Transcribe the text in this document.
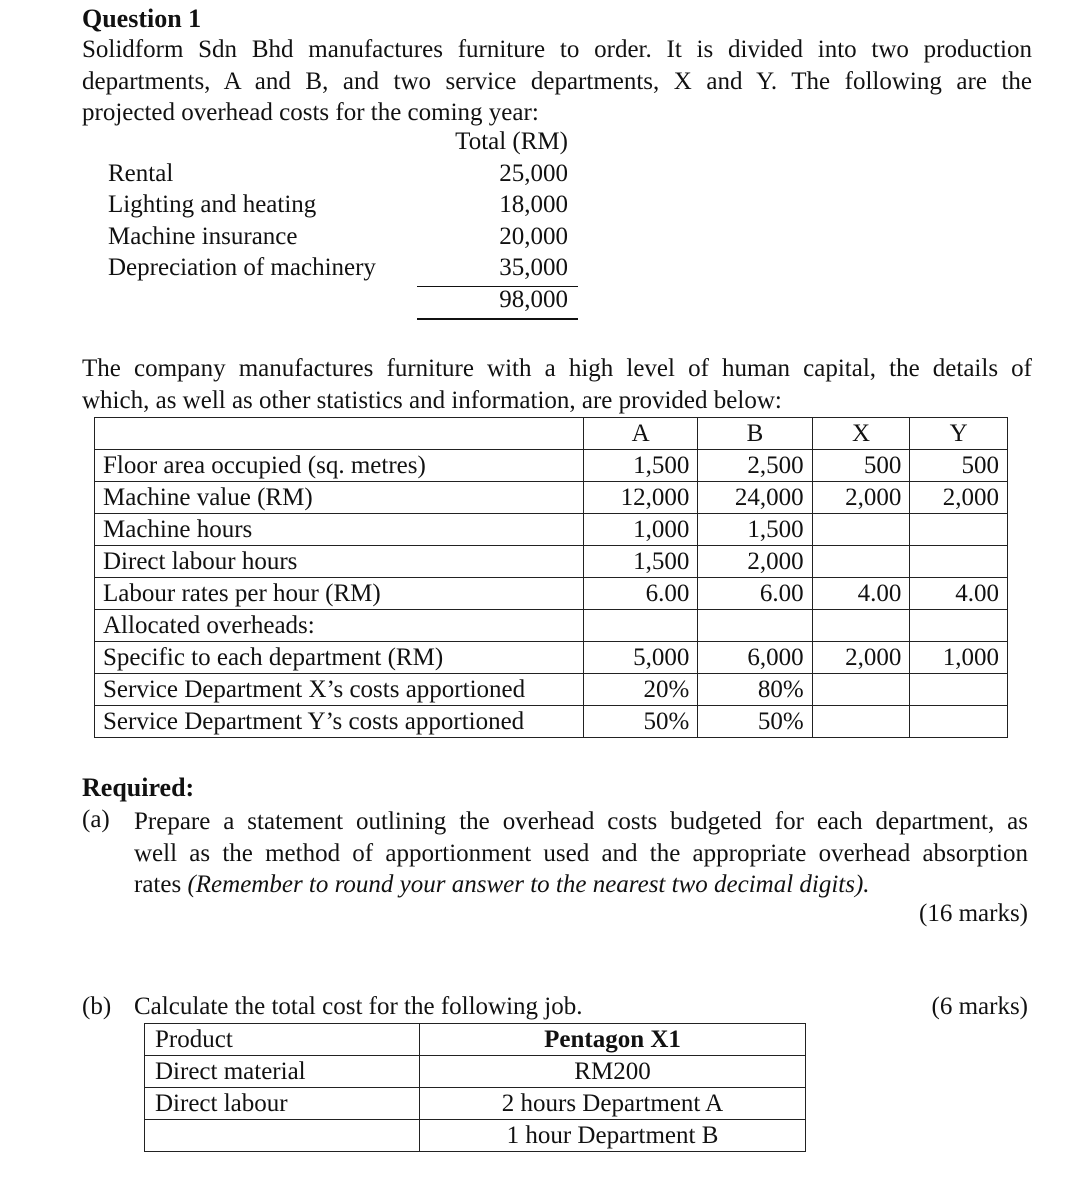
Question 1
Solidform Sdn Bhd manufactures furniture to order. It is divided into two production
departments, A and B, and two service departments, X and Y. The following are the
projected overhead costs for the coming year:
Total (RM)
Rental	25,000
Lighting and heating	18,000
Machine insurance	20,000
Depreciation of machinery	35,000
98,000
The company manufactures furniture with a high level of human capital, the details of
which, as well as other statistics and information, are provided below:
	A	B	X	Y
Floor area occupied (sq. metres)	1,500	2,500	500	500
Machine value (RM)	12,000	24,000	2,000	2,000
Machine hours	1,000	1,500		
Direct labour hours	1,500	2,000		
Labour rates per hour (RM)	6.00	6.00	4.00	4.00
Allocated overheads:				
Specific to each department (RM)	5,000	6,000	2,000	1,000
Service Department X’s costs apportioned	20%	80%		
Service Department Y’s costs apportioned	50%	50%		
Required:
(a) Prepare a statement outlining the overhead costs budgeted for each department, as
well as the method of apportionment used and the appropriate overhead absorption
rates (Remember to round your answer to the nearest two decimal digits).
(16 marks)
(b) Calculate the total cost for the following job.	(6 marks)
Product	Pentagon X1
Direct material	RM200
Direct labour	2 hours Department A
	1 hour Department B
